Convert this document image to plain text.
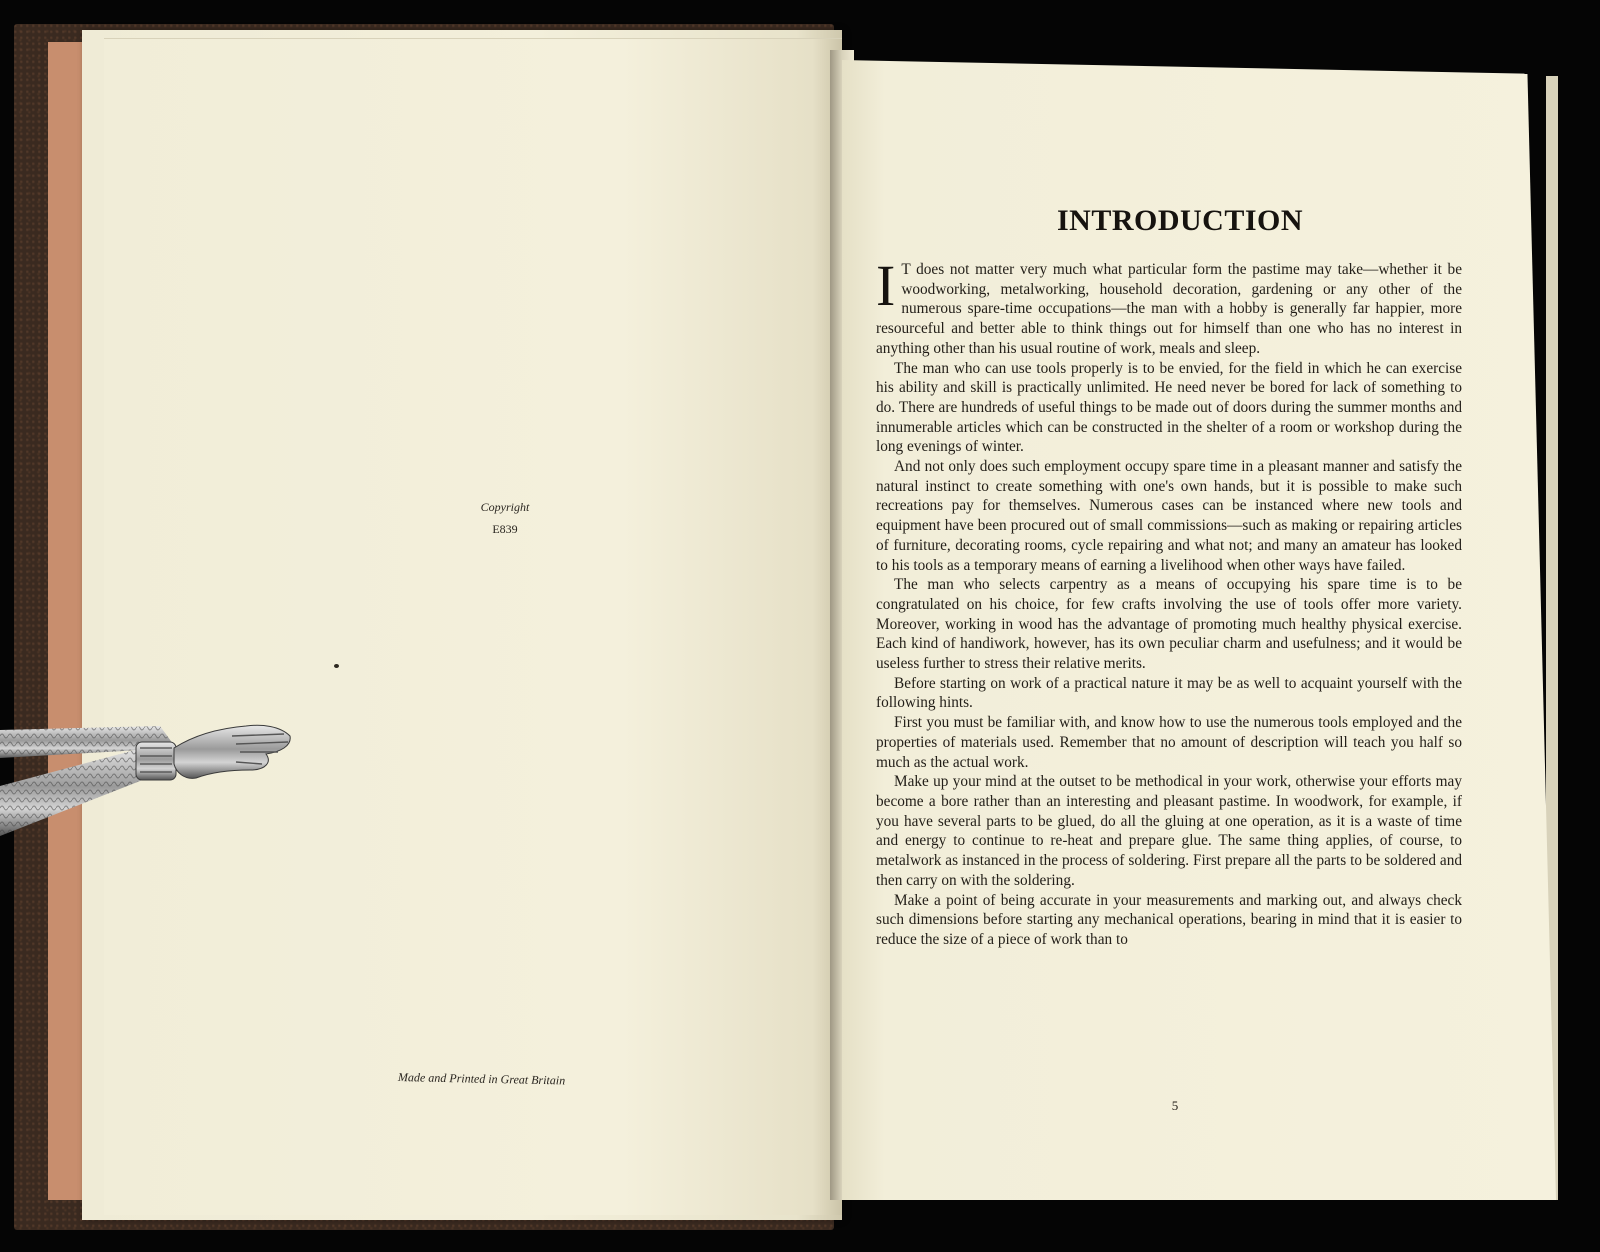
Copyright
E839
Made and Printed in Great Britain
INTRODUCTION

I T does not matter very much what particular form the pastime may take—whether it be woodworking, metalworking, household decoration, gardening or any other of the numerous spare-time occupations—the man with a hobby is generally far happier, more resourceful and better able to think things out for himself than one who has no interest in anything other than his usual routine of work, meals and sleep.

The man who can use tools properly is to be envied, for the field in which he can exercise his ability and skill is practically unlimited. He need never be bored for lack of something to do. There are hundreds of useful things to be made out of doors during the summer months and innumerable articles which can be constructed in the shelter of a room or workshop during the long evenings of winter.

And not only does such employment occupy spare time in a pleasant manner and satisfy the natural instinct to create something with one's own hands, but it is possible to make such recreations pay for themselves. Numerous cases can be instanced where new tools and equipment have been procured out of small commissions—such as making or repairing articles of furniture, decorating rooms, cycle repairing and what not; and many an amateur has looked to his tools as a temporary means of earning a livelihood when other ways have failed.

The man who selects carpentry as a means of occupying his spare time is to be congratulated on his choice, for few crafts involving the use of tools offer more variety. Moreover, working in wood has the advantage of promoting much healthy physical exercise. Each kind of handiwork, however, has its own peculiar charm and usefulness; and it would be useless further to stress their relative merits.

Before starting on work of a practical nature it may be as well to acquaint yourself with the following hints.

First you must be familiar with, and know how to use the numerous tools employed and the properties of materials used. Remember that no amount of description will teach you half so much as the actual work.

Make up your mind at the outset to be methodical in your work, otherwise your efforts may become a bore rather than an interesting and pleasant pastime. In woodwork, for example, if you have several parts to be glued, do all the gluing at one operation, as it is a waste of time and energy to continue to re-heat and prepare glue. The same thing applies, of course, to metalwork as instanced in the process of soldering. First prepare all the parts to be soldered and then carry on with the soldering.

Make a point of being accurate in your measurements and marking out, and always check such dimensions before starting any mechanical operations, bearing in mind that it is easier to reduce the size of a piece of work than to

5
